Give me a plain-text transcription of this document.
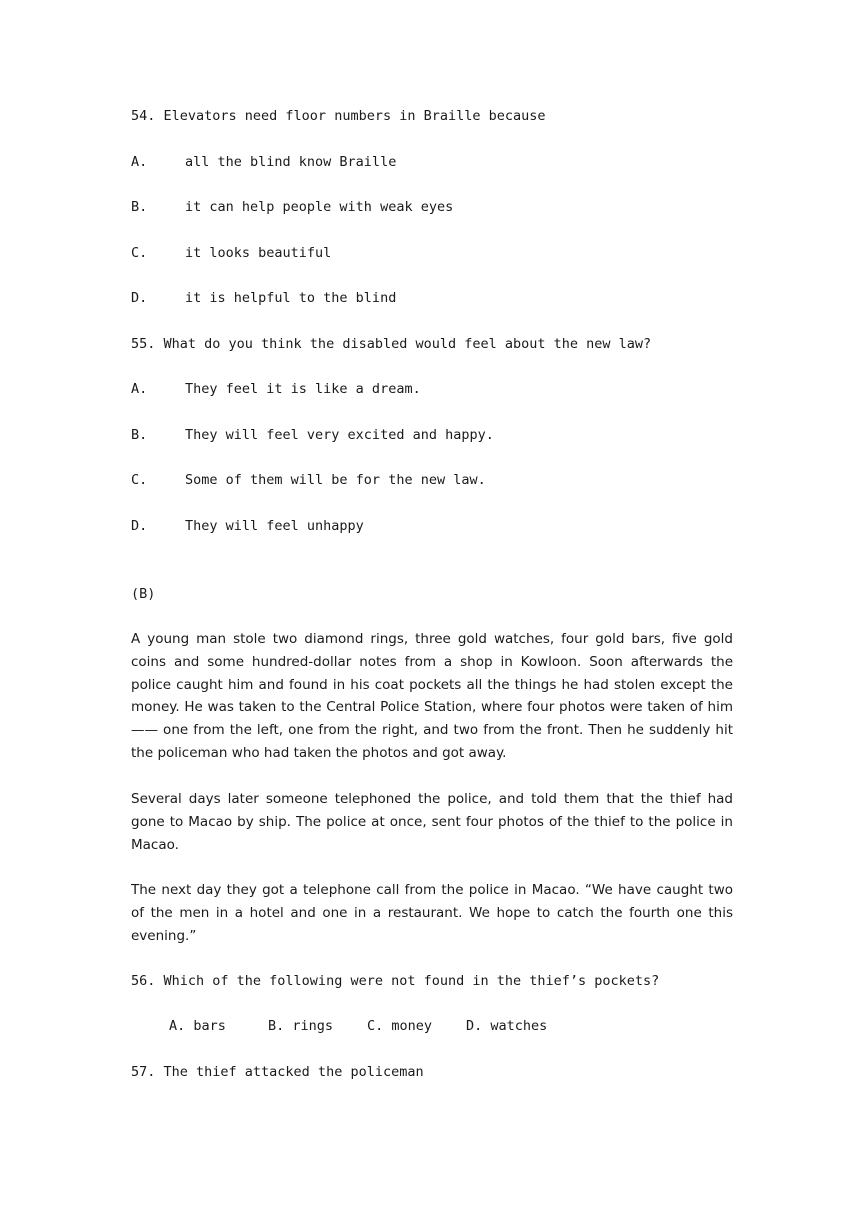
54. Elevators need floor numbers in Braille because
A.	all the blind know Braille
B.	it can help people with weak eyes
C.	it looks beautiful
D.	it is helpful to the blind
55. What do you think the disabled would feel about the new law?
A.	They feel it is like a dream.
B.	They will feel very excited and happy.
C.	Some of them will be for the new law.
D.	They will feel unhappy
(B)
A young man stole two diamond rings, three gold watches, four gold bars, five gold coins and some hundred-dollar notes from a shop in Kowloon. Soon afterwards the police caught him and found in his coat pockets all the things he had stolen except the money. He was taken to the Central Police Station, where four photos were taken of him —— one from the left, one from the right, and two from the front. Then he suddenly hit the policeman who had taken the photos and got away.
Several days later someone telephoned the police, and told them that the thief had gone to Macao by ship. The police at once, sent four photos of the thief to the police in Macao.
The next day they got a telephone call from the police in Macao. “We have caught two of the men in a hotel and one in a restaurant. We hope to catch the fourth one this evening.”
56. Which of the following were not found in the thief’s pockets?
A. bars	B. rings	C. money	D. watches
57. The thief attacked the policeman
